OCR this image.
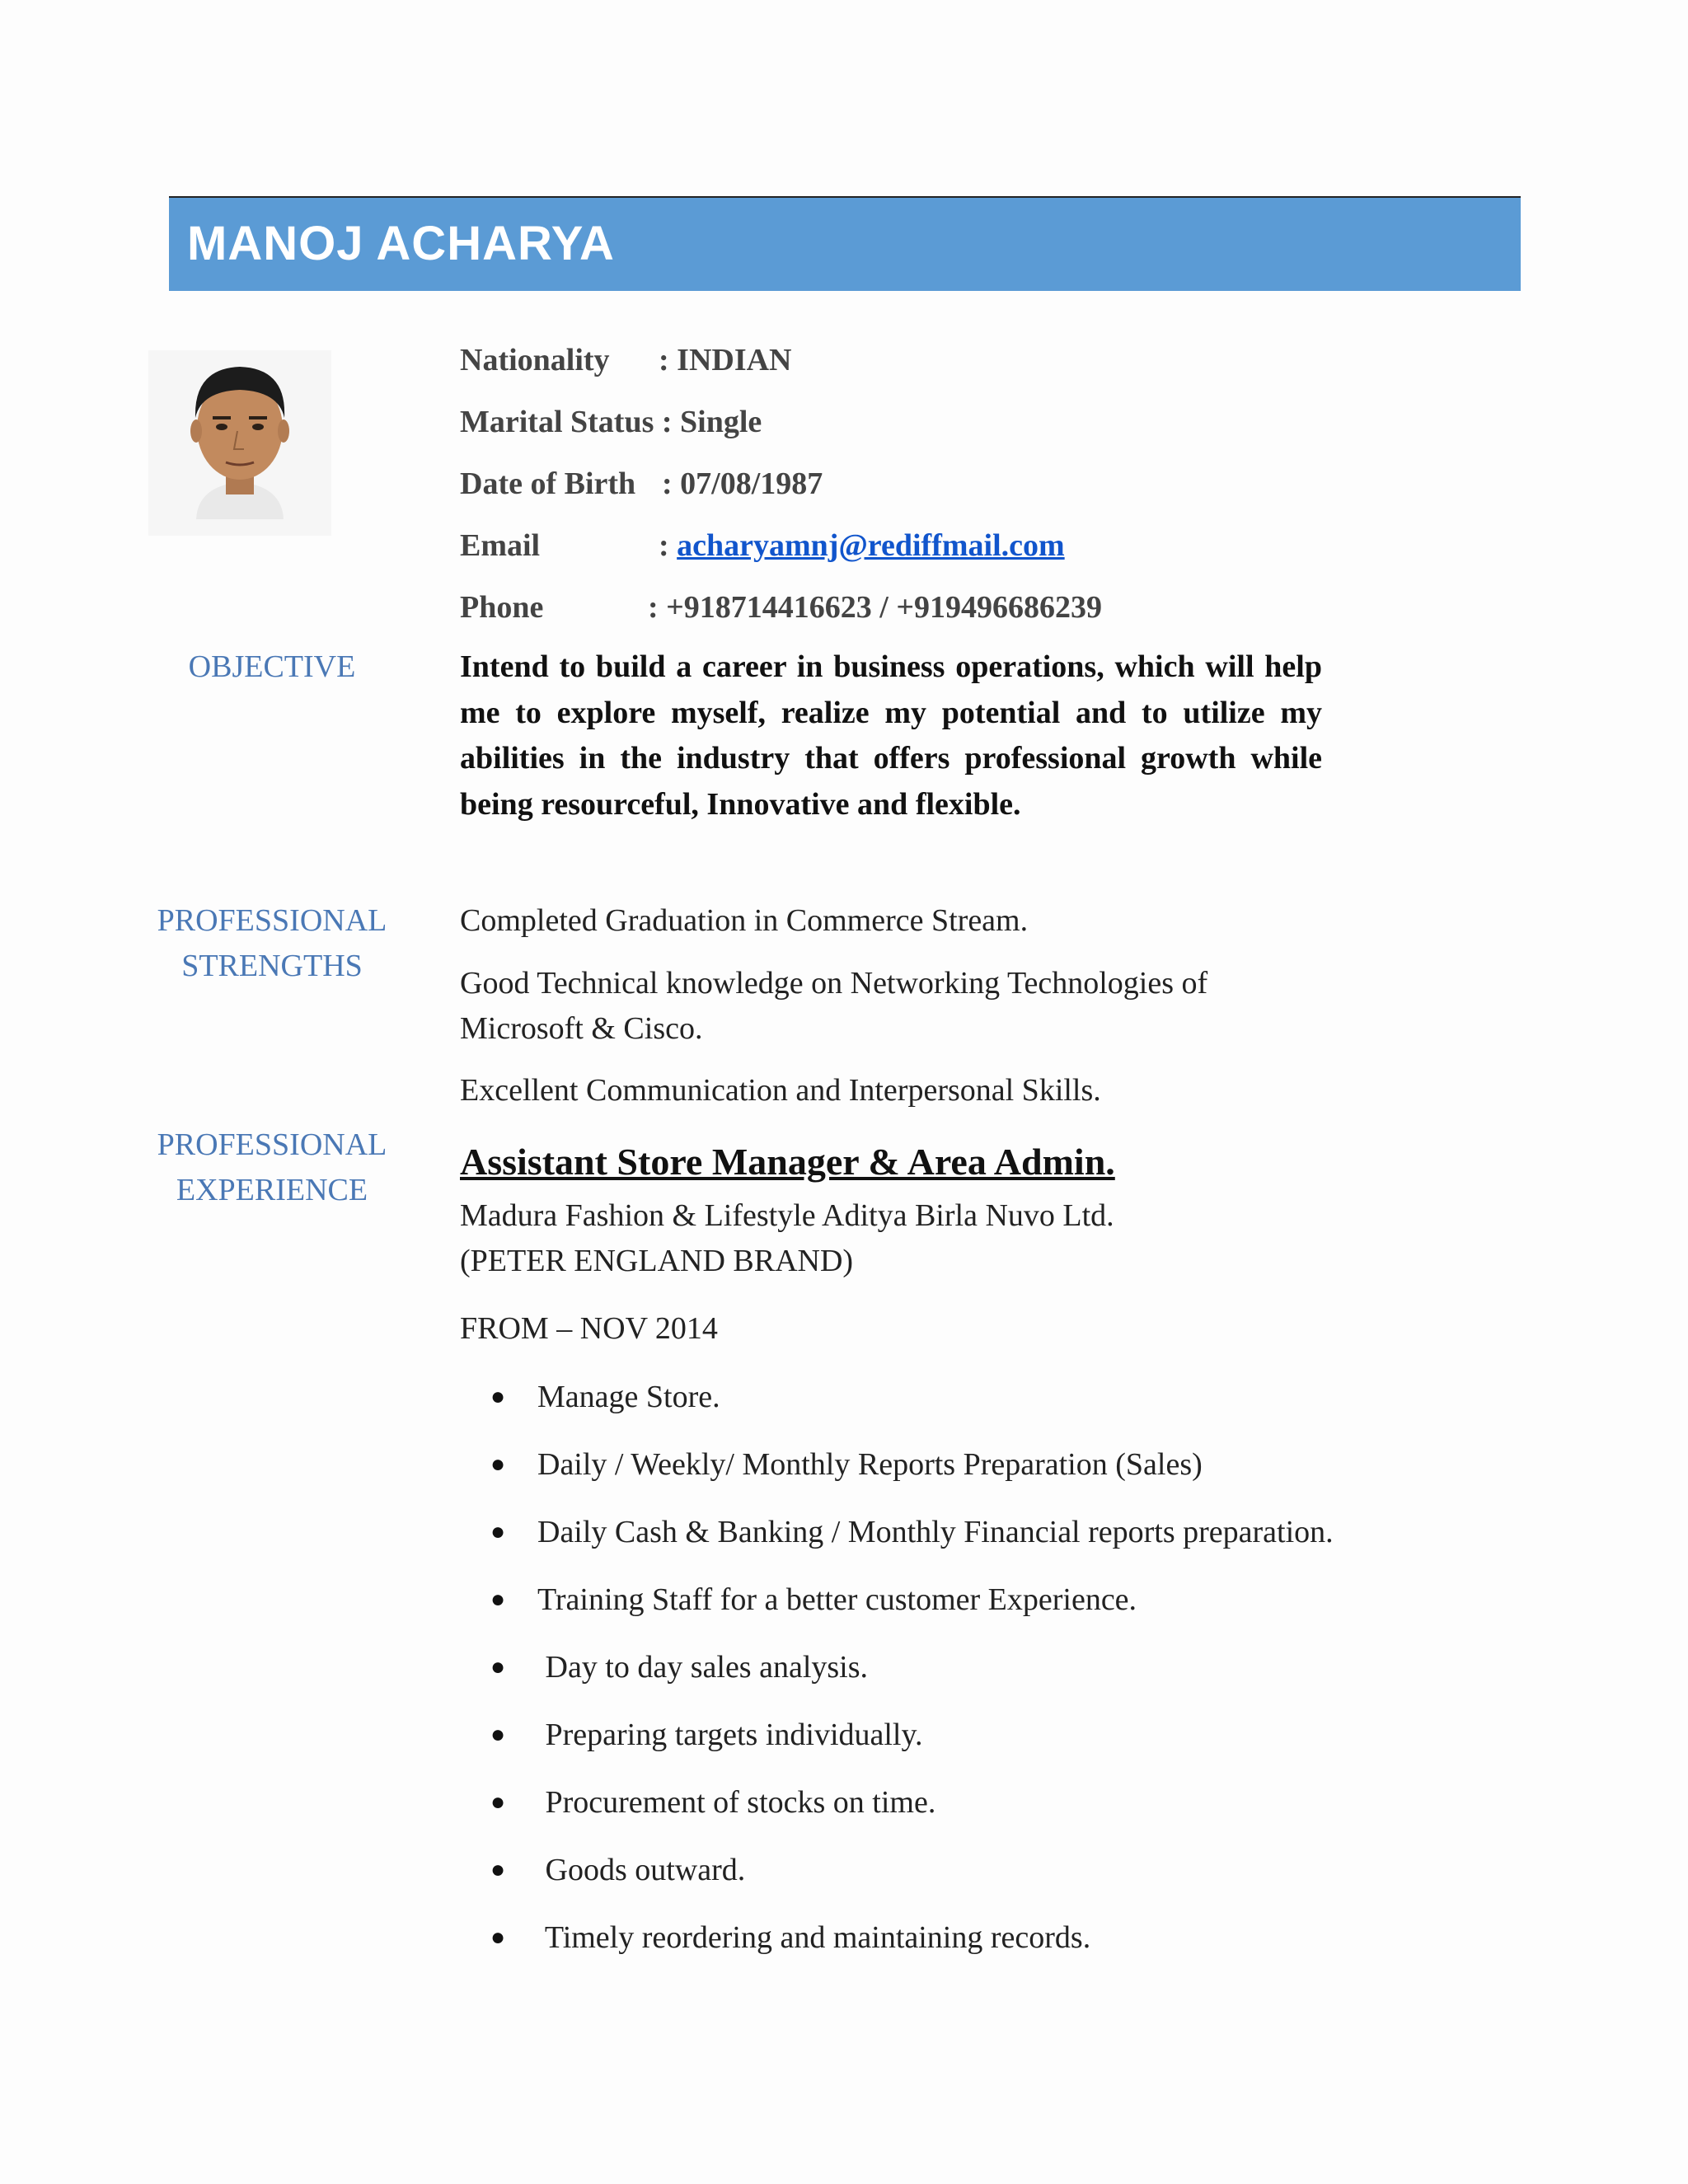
MANOJ ACHARYA
Nationality : INDIAN
Marital Status : Single
Date of Birth : 07/08/1987
Email	: acharyamnj@rediffmail.com
Phone	: +918714416623 / +919496686239
OBJECTIVE	Intend to build a career in business operations, which will help me to explore myself, realize my potential and to utilize my abilities in the industry that offers professional growth while being resourceful, Innovative and flexible.

PROFESSIONAL
STRENGTHS

Completed Graduation in Commerce Stream.

Good Technical knowledge on Networking Technologies of

Microsoft & Cisco.

Excellent Communication and Interpersonal Skills.

PROFESSIONAL
EXPERIENCE

Assistant Store Manager & Area Admin.

Madura Fashion & Lifestyle Aditya Birla Nuvo Ltd.

(PETER ENGLAND BRAND)

FROM – NOV 2014

●	Manage Store.
●	Daily / Weekly/ Monthly Reports Preparation (Sales)
●	Daily Cash & Banking / Monthly Financial reports preparation.
●	Training Staff for a better customer Experience.
●	Day to day sales analysis.
●	Preparing targets individually.
●	Procurement of stocks on time.
●	Goods outward.
●	Timely reordering and maintaining records.
